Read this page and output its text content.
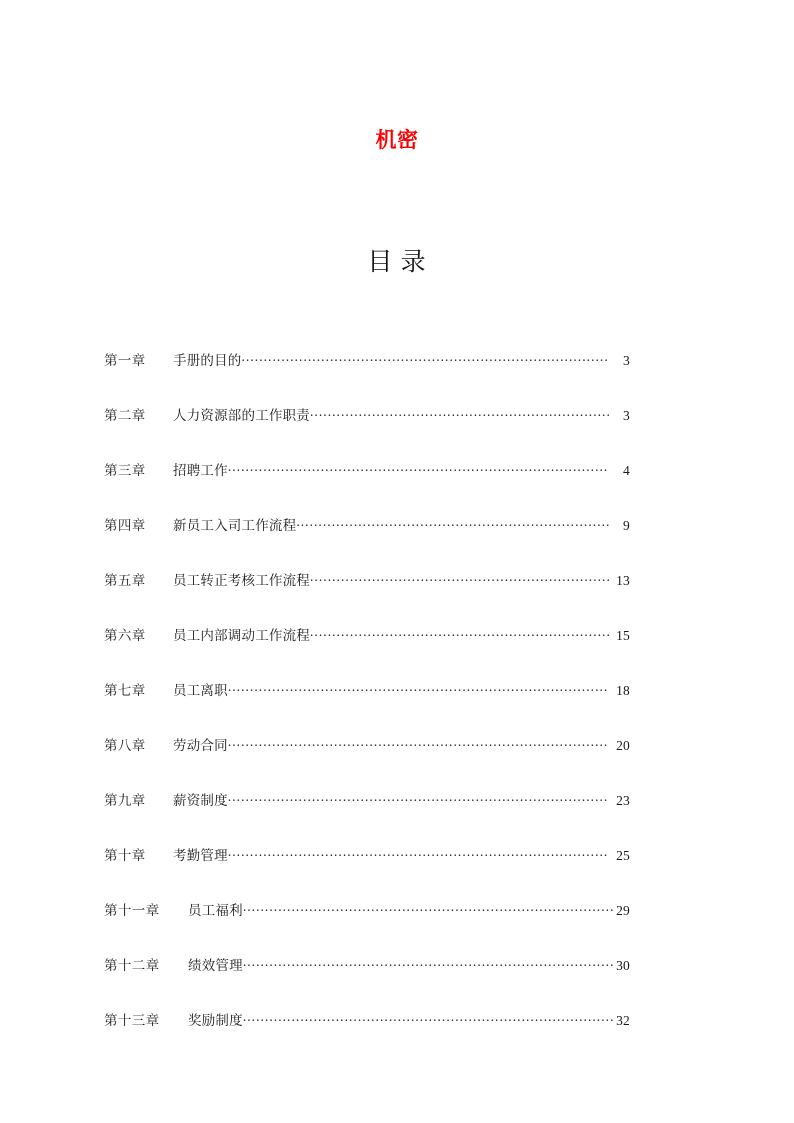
机密
目 录
第一章	手册的目的 .....	3
第二章	人力资源部的工作职责 .....	3
第三章	招聘工作 .....	4
第四章	新员工入司工作流程 .....	9
第五章	员工转正考核工作流程 .....	13
第六章	员工内部调动工作流程 .....	15
第七章	员工离职 .....	18
第八章	劳动合同 .....	20
第九章	薪资制度 .....	23
第十章	考勤管理 .....	25
第十一章	员工福利 .....	29
第十二章	绩效管理 .....	30
第十三章	奖励制度 .....	32
